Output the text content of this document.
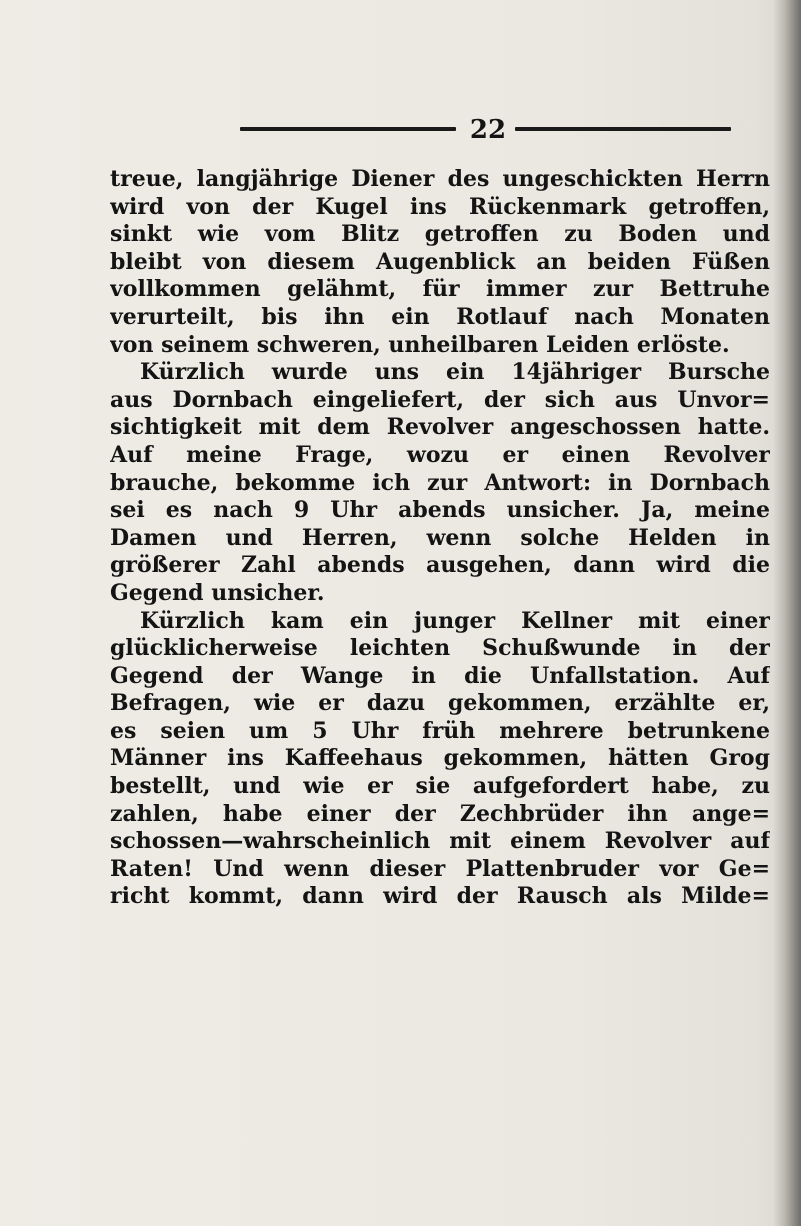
22
treue, langjährige Diener des ungeschickten Herrn
wird von der Kugel ins Rückenmark getroffen,
sinkt wie vom Blitz getroffen zu Boden und
bleibt von diesem Augenblick an beiden Füßen
vollkommen gelähmt, für immer zur Bettruhe
verurteilt, bis ihn ein Rotlauf nach Monaten
von seinem schweren, unheilbaren Leiden erlöste.
Kürzlich wurde uns ein 14jähriger Bursche
aus Dornbach eingeliefert, der sich aus Unvor=
sichtigkeit mit dem Revolver angeschossen hatte.
Auf meine Frage, wozu er einen Revolver
brauche, bekomme ich zur Antwort: in Dornbach
sei es nach 9 Uhr abends unsicher. Ja, meine
Damen und Herren, wenn solche Helden in
größerer Zahl abends ausgehen, dann wird die
Gegend unsicher.
Kürzlich kam ein junger Kellner mit einer
glücklicherweise leichten Schußwunde in der
Gegend der Wange in die Unfallstation. Auf
Befragen, wie er dazu gekommen, erzählte er,
es seien um 5 Uhr früh mehrere betrunkene
Männer ins Kaffeehaus gekommen, hätten Grog
bestellt, und wie er sie aufgefordert habe, zu
zahlen, habe einer der Zechbrüder ihn ange=
schossen—wahrscheinlich mit einem Revolver auf
Raten! Und wenn dieser Plattenbruder vor Ge=
richt kommt, dann wird der Rausch als Milde=
